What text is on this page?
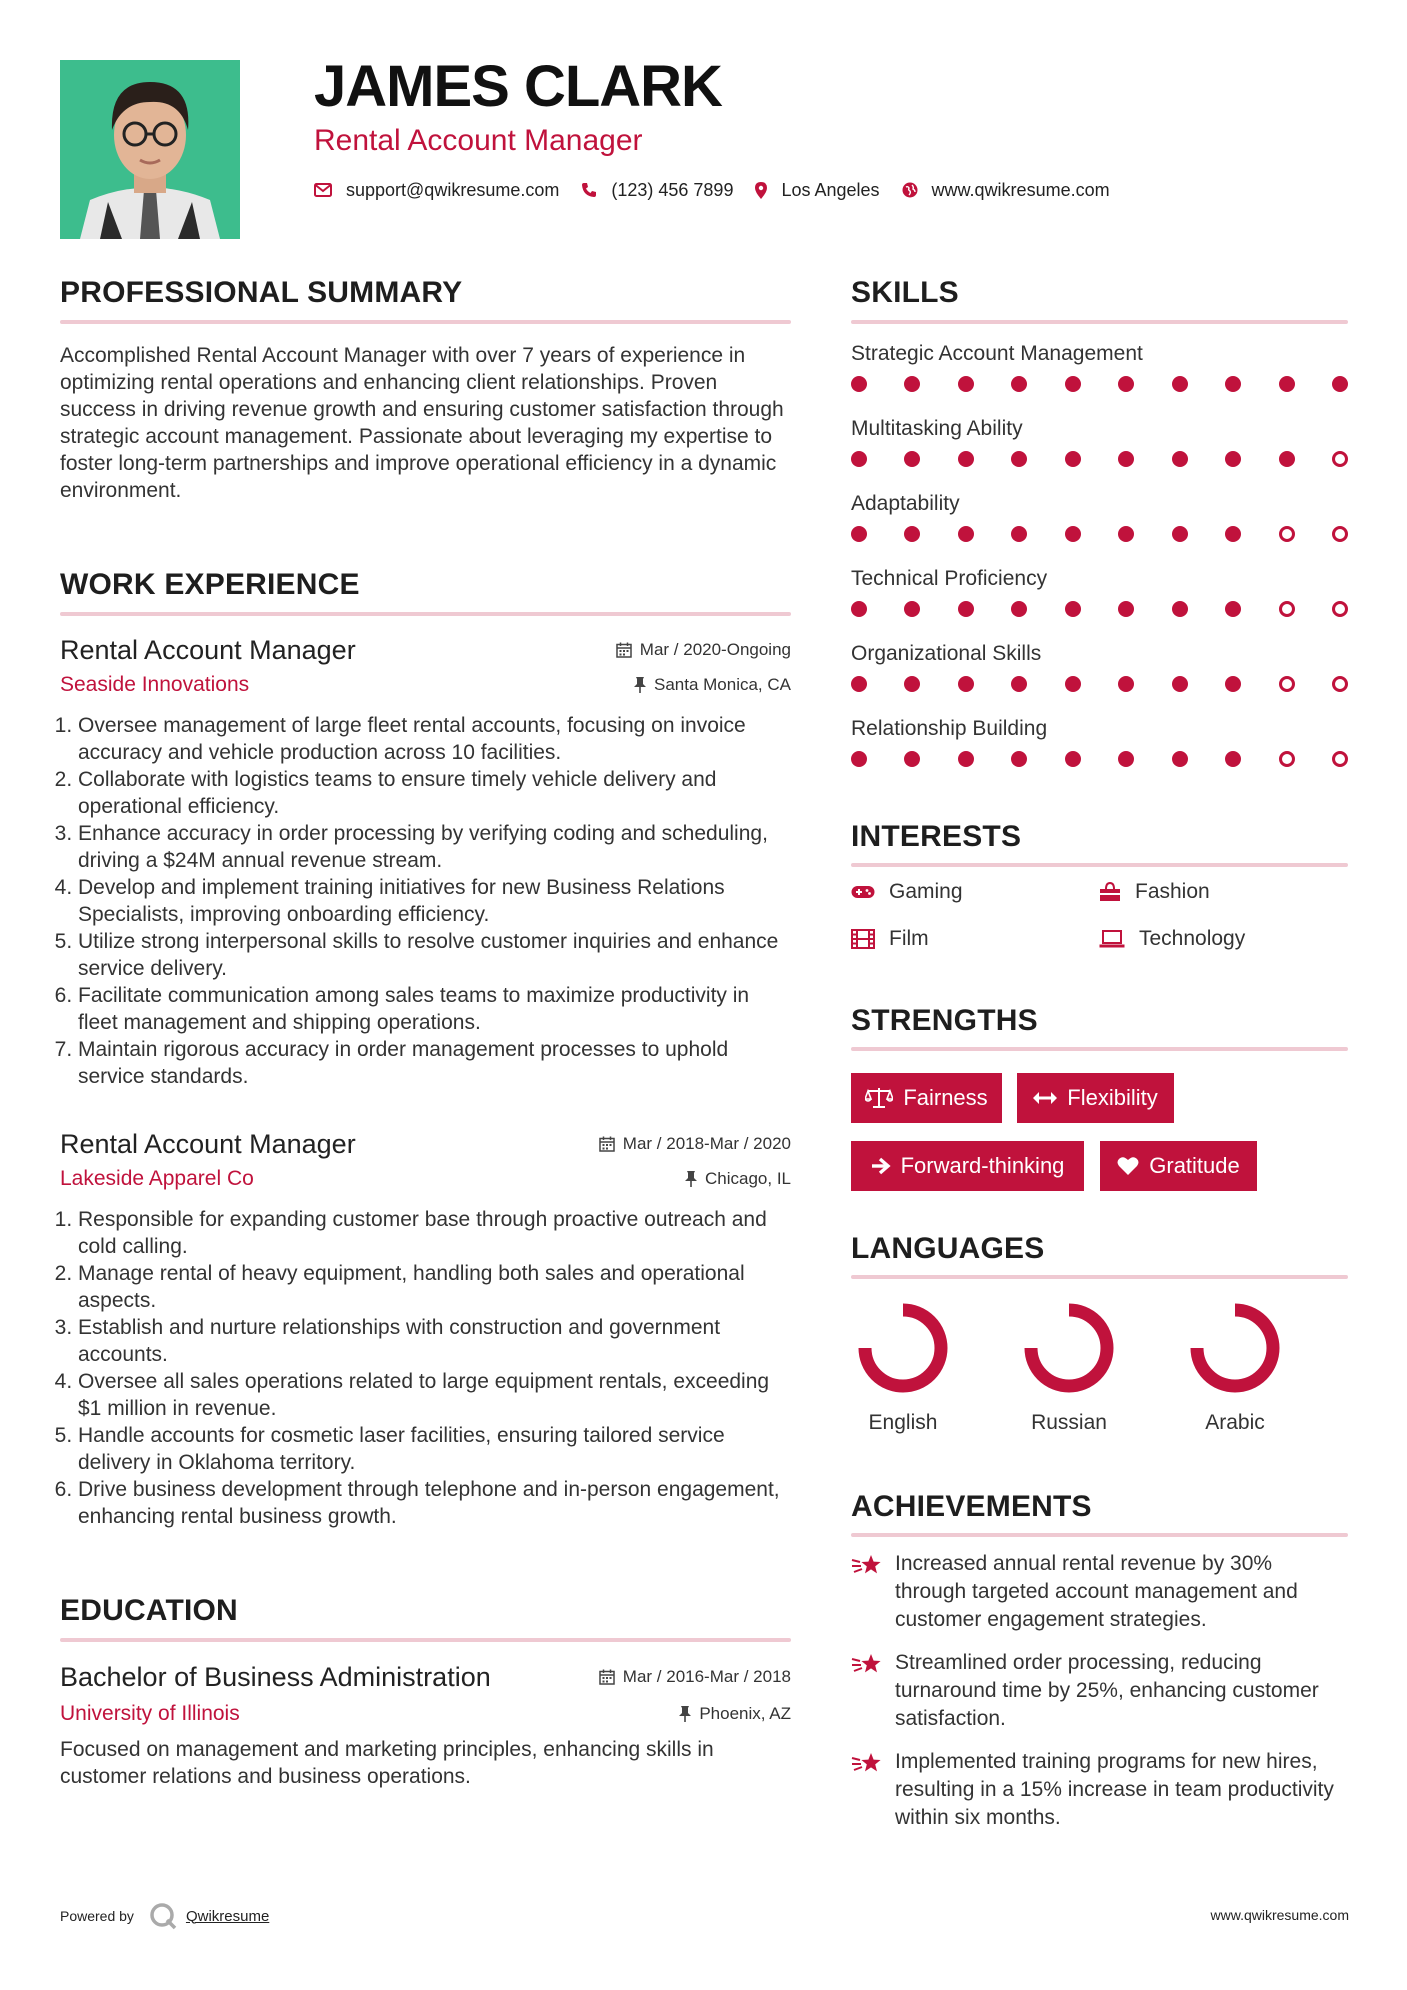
JAMES CLARK
Rental Account Manager
support@qwikresume.com	(123) 456 7899	Los Angeles	www.qwikresume.com
PROFESSIONAL SUMMARY
Accomplished Rental Account Manager with over 7 years of experience in optimizing rental operations and enhancing client relationships. Proven success in driving revenue growth and ensuring customer satisfaction through strategic account management. Passionate about leveraging my expertise to foster long-term partnerships and improve operational efficiency in a dynamic environment.
WORK EXPERIENCE
Rental Account Manager	Mar / 2020-Ongoing
Seaside Innovations	Santa Monica, CA
1. Oversee management of large fleet rental accounts, focusing on invoice accuracy and vehicle production across 10 facilities.
2. Collaborate with logistics teams to ensure timely vehicle delivery and operational efficiency.
3. Enhance accuracy in order processing by verifying coding and scheduling, driving a $24M annual revenue stream.
4. Develop and implement training initiatives for new Business Relations Specialists, improving onboarding efficiency.
5. Utilize strong interpersonal skills to resolve customer inquiries and enhance service delivery.
6. Facilitate communication among sales teams to maximize productivity in fleet management and shipping operations.
7. Maintain rigorous accuracy in order management processes to uphold service standards.
Rental Account Manager	Mar / 2018-Mar / 2020
Lakeside Apparel Co	Chicago, IL
1. Responsible for expanding customer base through proactive outreach and cold calling.
2. Manage rental of heavy equipment, handling both sales and operational aspects.
3. Establish and nurture relationships with construction and government accounts.
4. Oversee all sales operations related to large equipment rentals, exceeding $1 million in revenue.
5. Handle accounts for cosmetic laser facilities, ensuring tailored service delivery in Oklahoma territory.
6. Drive business development through telephone and in-person engagement, enhancing rental business growth.
EDUCATION
Bachelor of Business Administration	Mar / 2016-Mar / 2018
University of Illinois	Phoenix, AZ
Focused on management and marketing principles, enhancing skills in customer relations and business operations.
SKILLS
Strategic Account Management
Multitasking Ability
Adaptability
Technical Proficiency
Organizational Skills
Relationship Building
INTERESTS
Gaming	Fashion
Film	Technology
STRENGTHS
Fairness	Flexibility
Forward-thinking	Gratitude
LANGUAGES
English	Russian	Arabic
ACHIEVEMENTS
Increased annual rental revenue by 30% through targeted account management and customer engagement strategies.
Streamlined order processing, reducing turnaround time by 25%, enhancing customer satisfaction.
Implemented training programs for new hires, resulting in a 15% increase in team productivity within six months.
Powered by	Qwikresume	www.qwikresume.com
